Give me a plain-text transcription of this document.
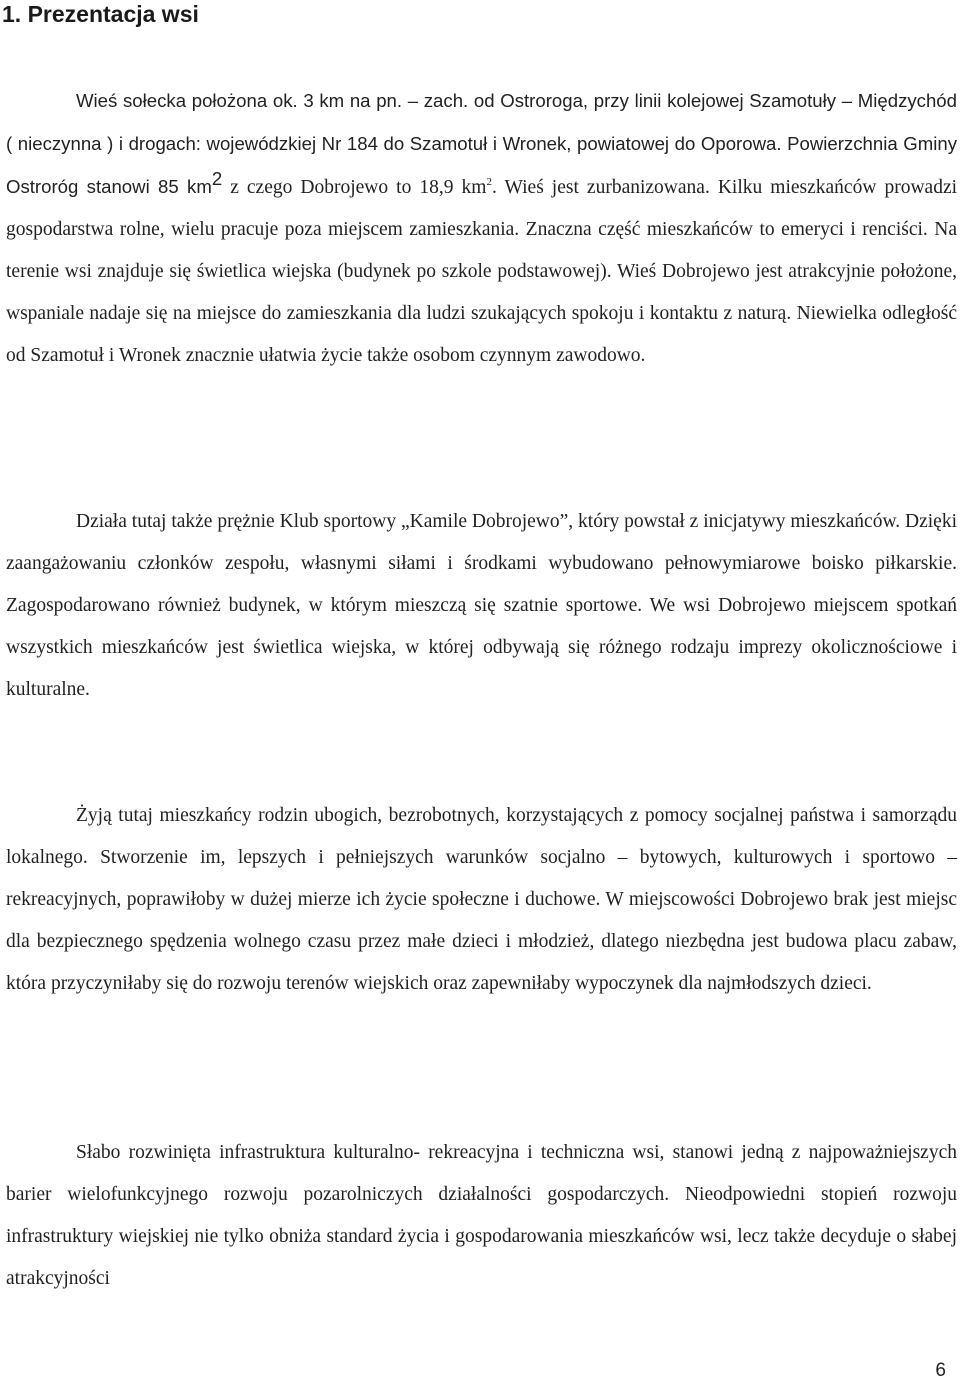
1. Prezentacja wsi

Wieś sołecka położona ok. 3 km na pn. – zach. od Ostroroga, przy linii kolejowej Szamotuły – Międzychód ( nieczynna ) i drogach: wojewódzkiej Nr 184 do Szamotuł i Wronek, powiatowej do Oporowa. Powierzchnia Gminy Ostroróg stanowi 85 $km^2$ z czego Dobrojewo to 18,9 $km^2$. Wieś jest zurbanizowana. Kilku mieszkańców prowadzi gospodarstwa rolne, wielu pracuje poza miejscem zamieszkania. Znaczna część mieszkańców to emeryci i renciści. Na terenie wsi znajduje się świetlica wiejska (budynek po szkole podstawowej). Wieś Dobrojewo jest atrakcyjnie położone, wspaniale nadaje się na miejsce do zamieszkania dla ludzi szukających spokoju i kontaktu z naturą. Niewielka odległość od Szamotuł i Wronek znacznie ułatwia życie także osobom czynnym zawodowo.

Działa tutaj także prężnie Klub sportowy „Kamile Dobrojewo”, który powstał z inicjatywy mieszkańców. Dzięki zaangażowaniu członków zespołu, własnymi siłami i środkami wybudowano pełnowymiarowe boisko piłkarskie. Zagospodarowano również budynek, w którym mieszczą się szatnie sportowe. We wsi Dobrojewo miejscem spotkań wszystkich mieszkańców jest świetlica wiejska, w której odbywają się różnego rodzaju imprezy okolicznościowe i kulturalne.

Żyją tutaj mieszkańcy rodzin ubogich, bezrobotnych, korzystających z pomocy socjalnej państwa i samorządu lokalnego. Stworzenie im, lepszych i pełniejszych warunków socjalno – bytowych, kulturowych i sportowo – rekreacyjnych, poprawiłoby w dużej mierze ich życie społeczne i duchowe. W miejscowości Dobrojewo brak jest miejsc dla bezpiecznego spędzenia wolnego czasu przez małe dzieci i młodzież, dlatego niezbędna jest budowa placu zabaw, która przyczyniłaby się do rozwoju terenów wiejskich oraz zapewniłaby wypoczynek dla najmłodszych dzieci.

Słabo rozwinięta infrastruktura kulturalno- rekreacyjna i techniczna wsi, stanowi jedną z najpoważniejszych barier wielofunkcyjnego rozwoju pozarolniczych działalności gospodarczych. Nieodpowiedni stopień rozwoju infrastruktury wiejskiej nie tylko obniża standard życia i gospodarowania mieszkańców wsi, lecz także decyduje o słabej atrakcyjności

6
